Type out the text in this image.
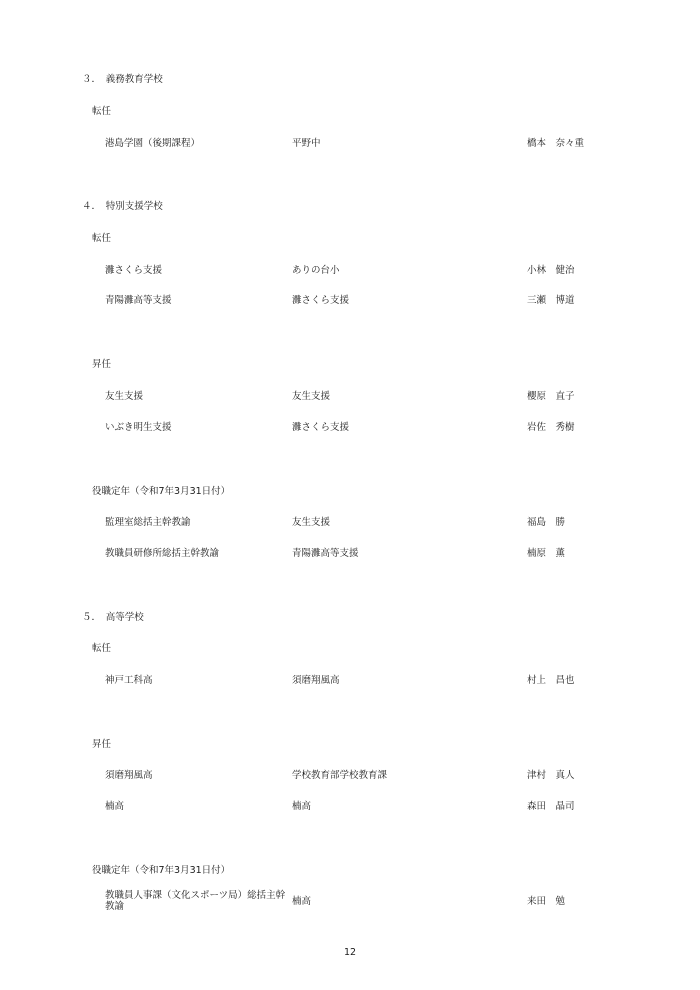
３．　義務教育学校
転任
港島学園（後期課程）	平野中	橋本　奈々重
４．　特別支援学校
転任
灘さくら支援	ありの台小	小林　健治
青陽灘高等支援	灘さくら支援	三瀬　博道
昇任
友生支援	友生支援	櫻原　直子
いぶき明生支援	灘さくら支援	岩佐　秀樹
役職定年（令和7年3月31日付）
監理室総括主幹教諭	友生支援	福島　勝
教職員研修所総括主幹教諭	青陽灘高等支援	楠原　薫
５．　高等学校
転任
神戸工科高	須磨翔風高	村上　昌也
昇任
須磨翔風高	学校教育部学校教育課	津村　真人
楠高	楠高	森田　晶司
役職定年（令和7年3月31日付）
教職員人事課（文化スポーツ局）総括主幹教諭	楠高	来田　勉
12
